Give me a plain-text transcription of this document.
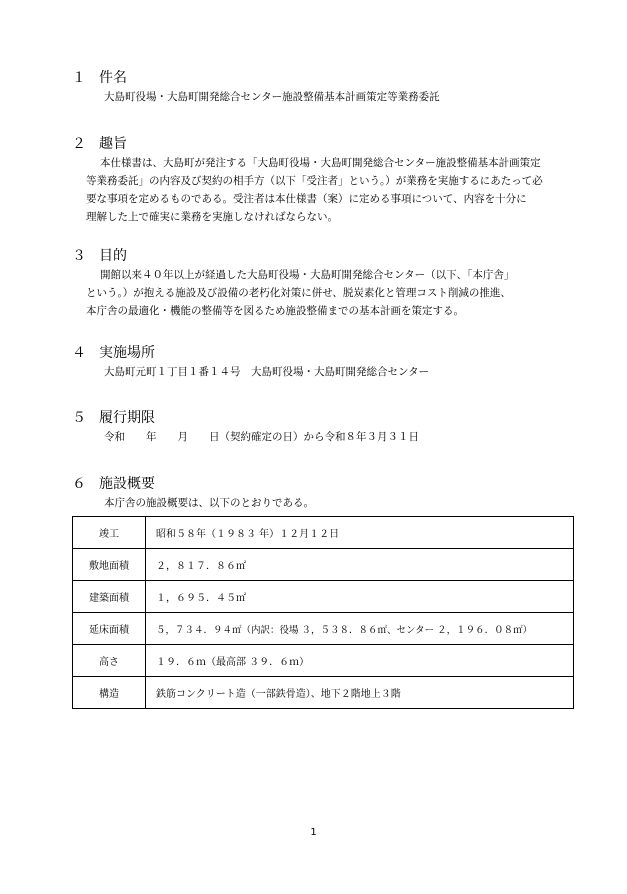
１ 件名
大島町役場・大島町開発総合センター施設整備基本計画策定等業務委託
２ 趣旨
本仕様書は、大島町が発注する「大島町役場・大島町開発総合センター施設整備基本計画策定
等業務委託」の内容及び契約の相手方（以下「受注者」という。）が業務を実施するにあたって必
要な事項を定めるものである。受注者は本仕様書（案）に定める事項について、内容を十分に
理解した上で確実に業務を実施しなければならない。
３ 目的
開館以来４０年以上が経過した大島町役場・大島町開発総合センター（以下、「本庁舎」
という。）が抱える施設及び設備の老朽化対策に併せ、脱炭素化と管理コスト削減の推進、
本庁舎の最適化・機能の整備等を図るため施設整備までの基本計画を策定する。
４ 実施場所
大島町元町１丁目１番１４号　大島町役場・大島町開発総合センター
５ 履行期限
令和　　年　　月　　日（契約確定の日）から令和８年３月３１日
６ 施設概要
本庁舎の施設概要は、以下のとおりである。
竣工	昭和５８年（１９８３ 年）１２月１２日
敷地面積	２，８１７．８６㎡
建築面積	１，６９５．４５㎡
延床面積	５，７３４．９４㎡（内訳：役場 ３，５３８．８６㎡、センター ２，１９６．０８㎡）
高さ	１９．６ｍ（最高部 ３９．６ｍ）
構造	鉄筋コンクリート造（一部鉄骨造）、地下２階地上３階
1
